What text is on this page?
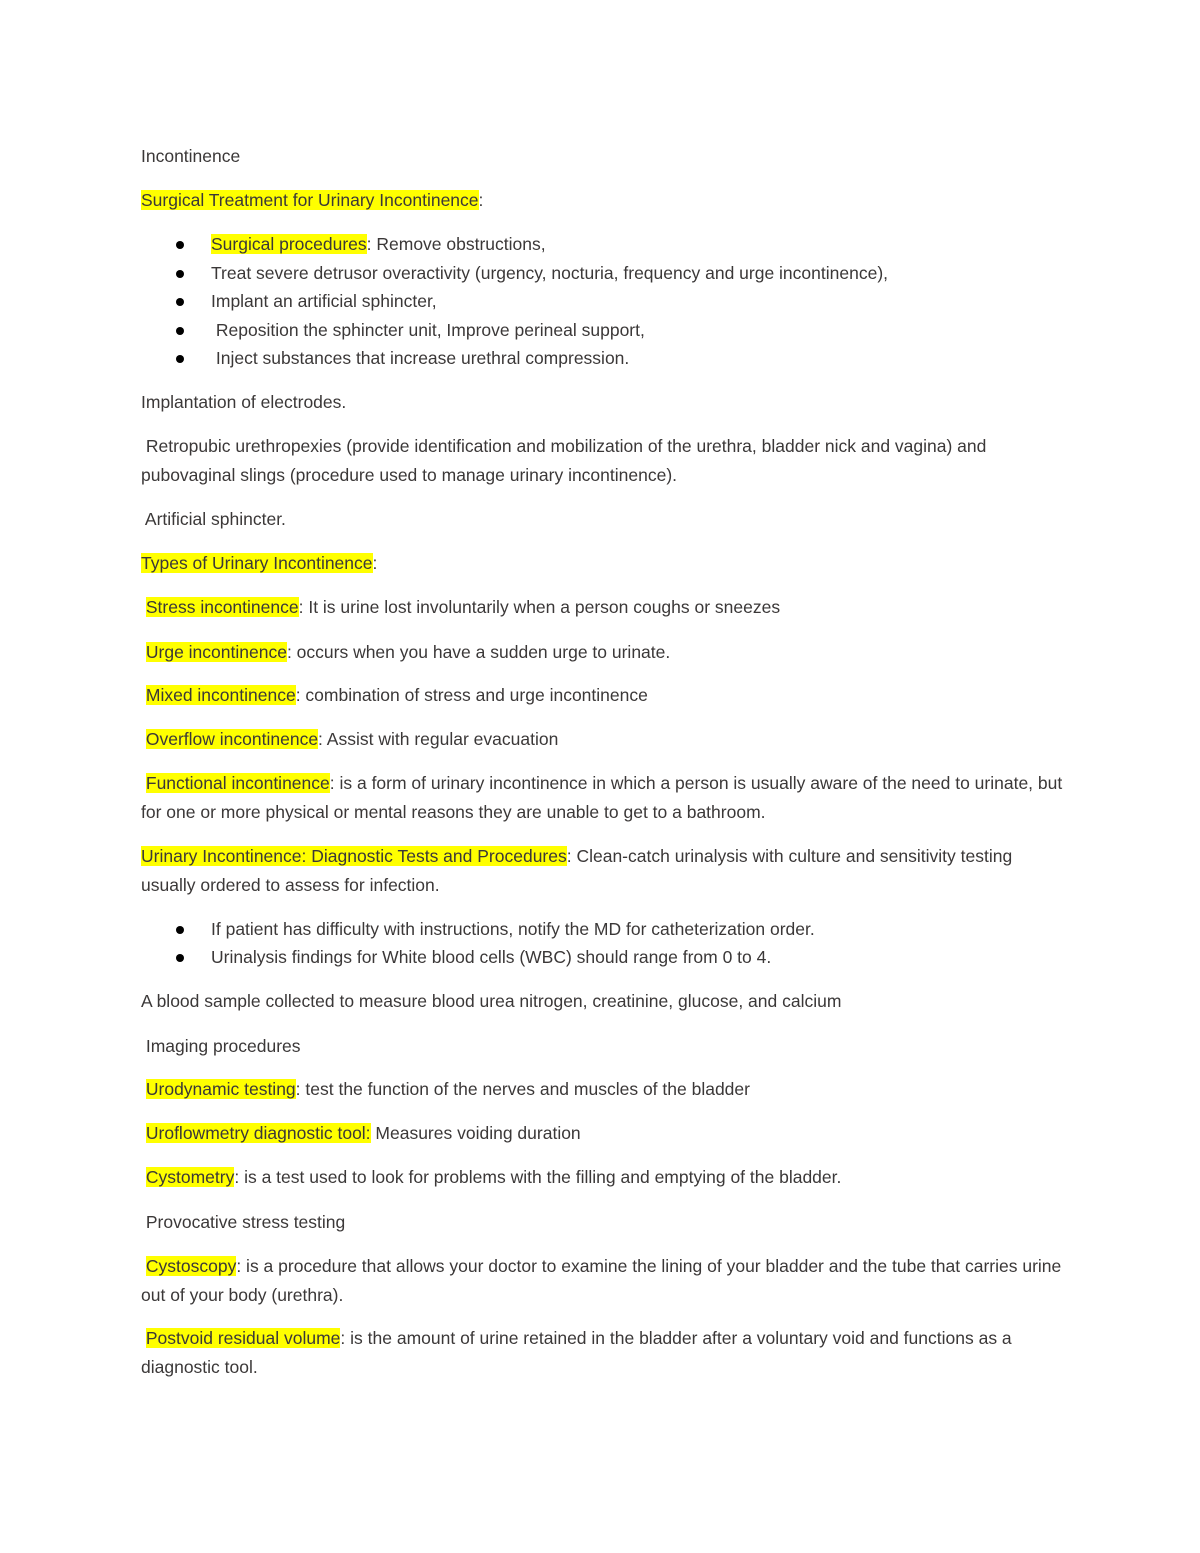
Incontinence
Surgical Treatment for Urinary Incontinence:
Surgical procedures: Remove obstructions,
Treat severe detrusor overactivity (urgency, nocturia, frequency and urge incontinence),
Implant an artificial sphincter,
Reposition the sphincter unit, Improve perineal support,
Inject substances that increase urethral compression.
Implantation of electrodes.
Retropubic urethropexies (provide identification and mobilization of the urethra, bladder nick and vagina) and pubovaginal slings (procedure used to manage urinary incontinence).
Artificial sphincter.
Types of Urinary Incontinence:
Stress incontinence: It is urine lost involuntarily when a person coughs or sneezes
Urge incontinence: occurs when you have a sudden urge to urinate.
Mixed incontinence: combination of stress and urge incontinence
Overflow incontinence: Assist with regular evacuation
Functional incontinence: is a form of urinary incontinence in which a person is usually aware of the need to urinate, but for one or more physical or mental reasons they are unable to get to a bathroom.
Urinary Incontinence: Diagnostic Tests and Procedures: Clean-catch urinalysis with culture and sensitivity testing usually ordered to assess for infection.
If patient has difficulty with instructions, notify the MD for catheterization order.
Urinalysis findings for White blood cells (WBC) should range from 0 to 4.
A blood sample collected to measure blood urea nitrogen, creatinine, glucose, and calcium
Imaging procedures
Urodynamic testing: test the function of the nerves and muscles of the bladder
Uroflowmetry diagnostic tool: Measures voiding duration
Cystometry: is a test used to look for problems with the filling and emptying of the bladder.
Provocative stress testing
Cystoscopy: is a procedure that allows your doctor to examine the lining of your bladder and the tube that carries urine out of your body (urethra).
Postvoid residual volume: is the amount of urine retained in the bladder after a voluntary void and functions as a diagnostic tool.
